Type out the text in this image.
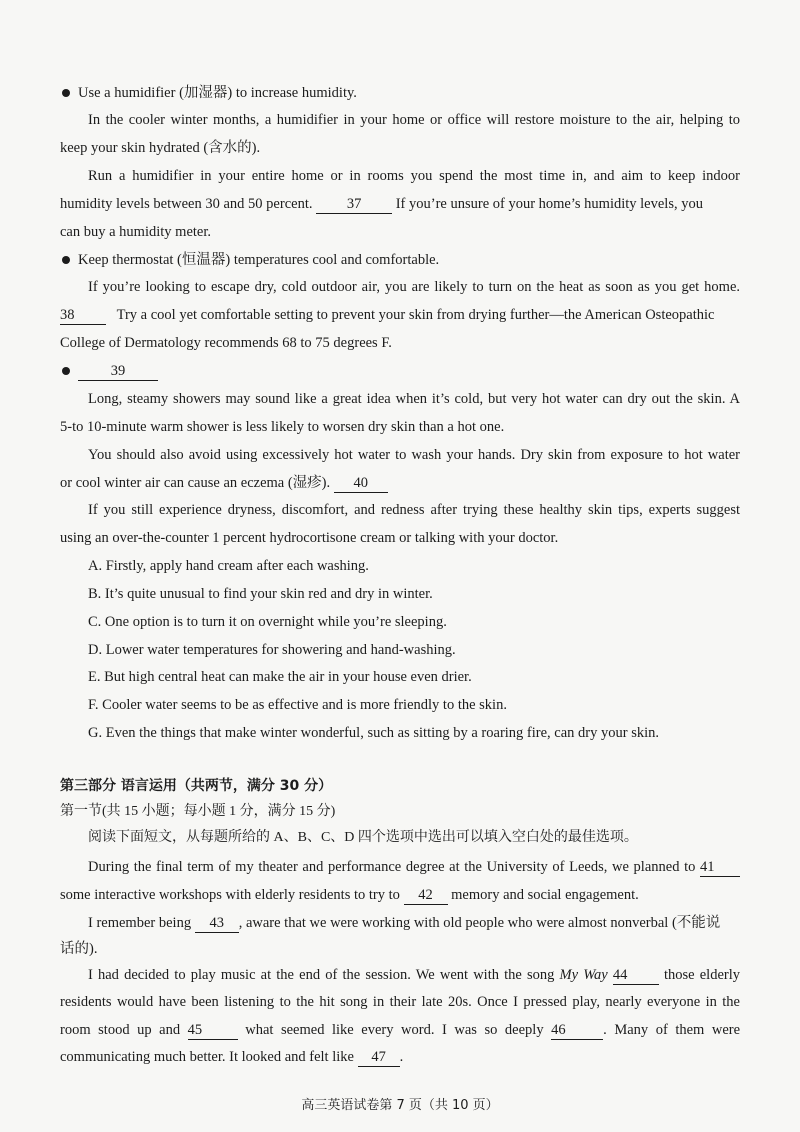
Use a humidifier (加湿器) to increase humidity.
In the cooler winter months, a humidifier in your home or office will restore moisture to the air, helping to
keep your skin hydrated (含水的).
Run a humidifier in your entire home or in rooms you spend the most time in, and aim to keep indoor
humidity levels between 30 and 50 percent. 37 If you’re unsure of your home’s humidity levels, you
can buy a humidity meter.
Keep thermostat (恒温器) temperatures cool and comfortable.
If you’re looking to escape dry, cold outdoor air, you are likely to turn on the heat as soon as you get home.
38	Try a cool yet comfortable setting to prevent your skin from drying further—the American Osteopathic
College of Dermatology recommends 68 to 75 degrees F.
39
Long, steamy showers may sound like a great idea when it’s cold, but very hot water can dry out the skin. A
5-to 10-minute warm shower is less likely to worsen dry skin than a hot one.
You should also avoid using excessively hot water to wash your hands. Dry skin from exposure to hot water
or cool winter air can cause an eczema (湿疹). 40
If you still experience dryness, discomfort, and redness after trying these healthy skin tips, experts suggest
using an over-the-counter 1 percent hydrocortisone cream or talking with your doctor.
A. Firstly, apply hand cream after each washing.
B. It’s quite unusual to find your skin red and dry in winter.
C. One option is to turn it on overnight while you’re sleeping.
D. Lower water temperatures for showering and hand-washing.
E. But high central heat can make the air in your house even drier.
F. Cooler water seems to be as effective and is more friendly to the skin.
G. Even the things that make winter wonderful, such as sitting by a roaring fire, can dry your skin.
第三部分 语言运用（共两节，满分 30 分）
第一节(共 15 小题；每小题 1 分，满分 15 分)
阅读下面短文，从每题所给的 A、B、C、D 四个选项中选出可以填入空白处的最佳选项。
During the final term of my theater and performance degree at the University of Leeds, we planned to 41
some interactive workshops with elderly residents to try to 42 memory and social engagement.
I remember being 43 , aware that we were working with old people who were almost nonverbal (不能说
话的).
I had decided to play music at the end of the session. We went with the song My Way 44	those elderly
residents would have been listening to the hit song in their late 20s. Once I pressed play, nearly everyone in the
room stood up and 45	what seemed like every word. I was so deeply 46	. Many of them were
communicating much better. It looked and felt like 47 .
高三英语试卷第 7 页（共 10 页）
